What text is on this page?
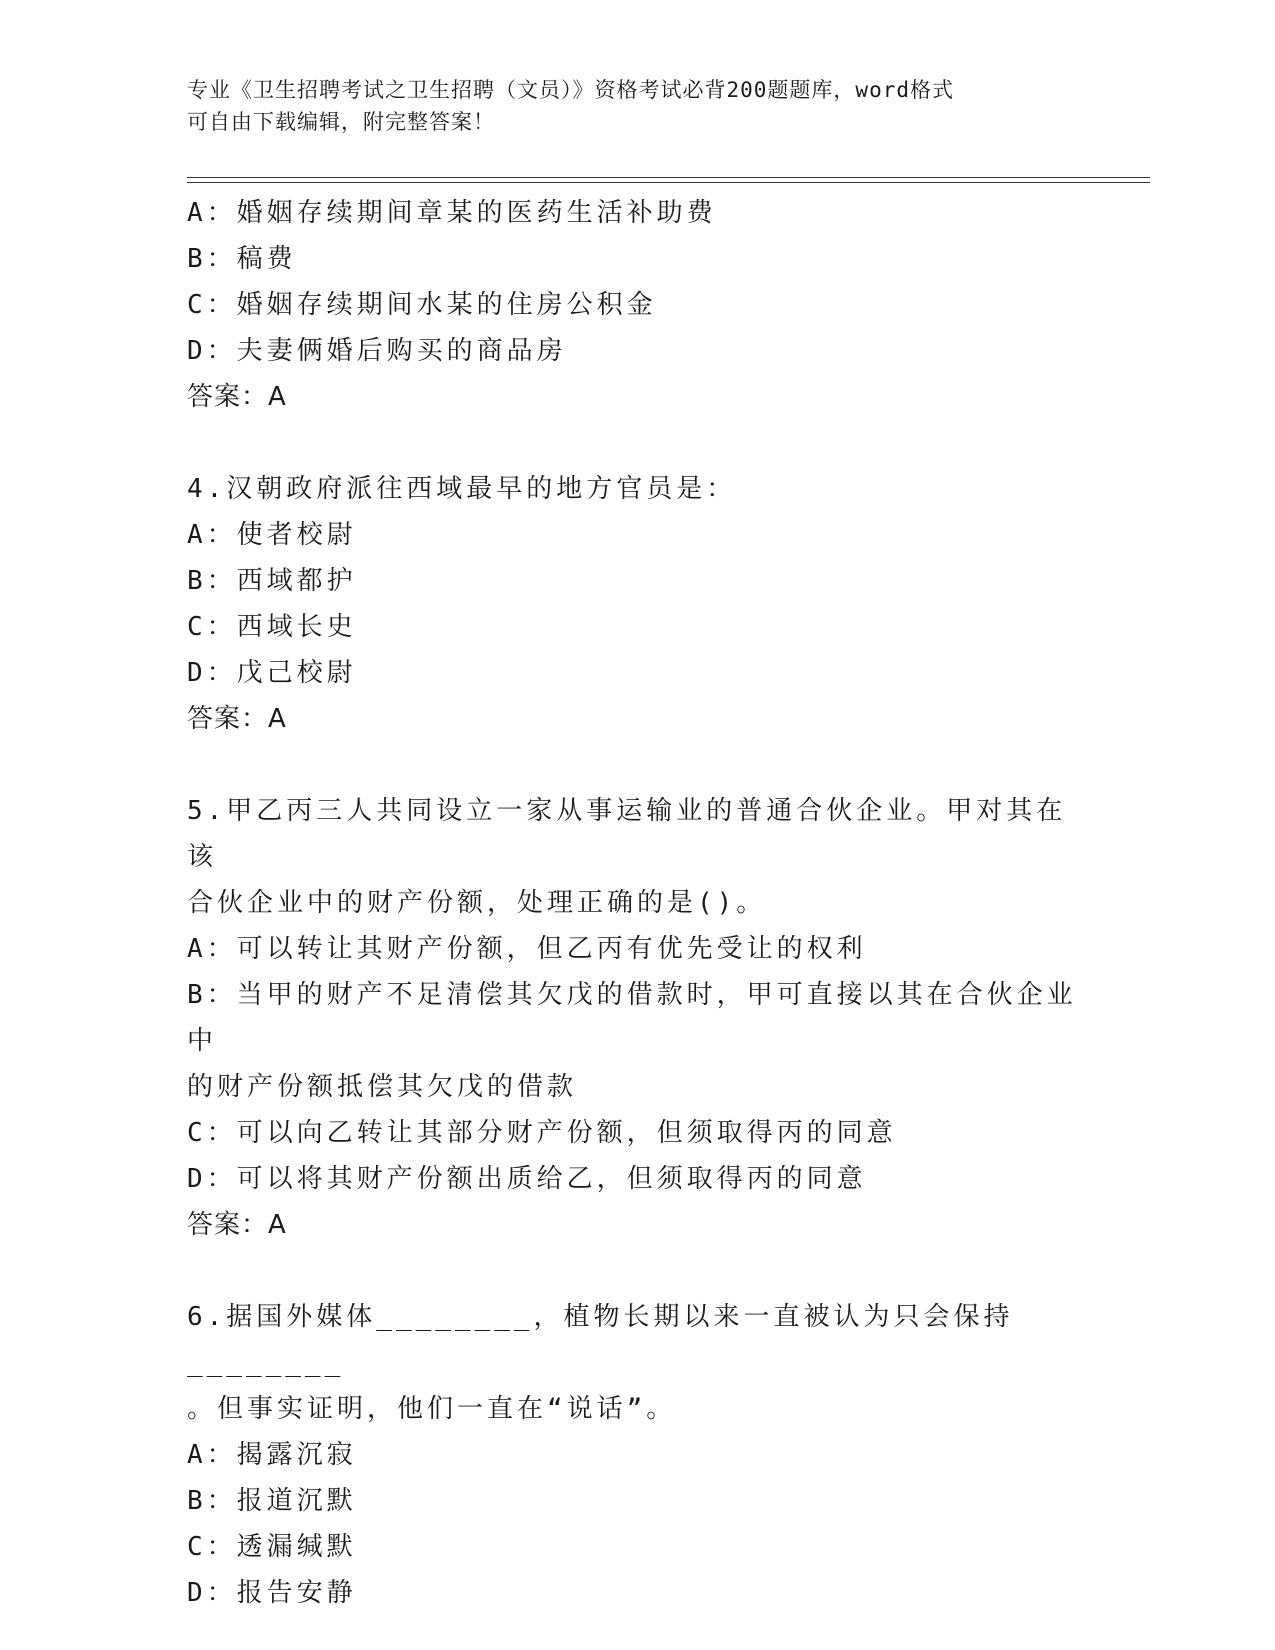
专业《卫生招聘考试之卫生招聘（文员）》资格考试必背200题题库，word格式
可自由下载编辑，附完整答案！
A：婚姻存续期间章某的医药生活补助费
B：稿费
C：婚姻存续期间水某的住房公积金
D：夫妻俩婚后购买的商品房
答案：A
4.汉朝政府派往西域最早的地方官员是：
A：使者校尉
B：西域都护
C：西域长史
D：戊己校尉
答案：A
5.甲乙丙三人共同设立一家从事运输业的普通合伙企业。甲对其在该
合伙企业中的财产份额，处理正确的是()。
A：可以转让其财产份额，但乙丙有优先受让的权利
B：当甲的财产不足清偿其欠戊的借款时，甲可直接以其在合伙企业中
的财产份额抵偿其欠戊的借款
C：可以向乙转让其部分财产份额，但须取得丙的同意
D：可以将其财产份额出质给乙，但须取得丙的同意
答案：A
6.据国外媒体________，植物长期以来一直被认为只会保持________
。但事实证明，他们一直在“说话”。
A：揭露沉寂
B：报道沉默
C：透漏缄默
D：报告安静
